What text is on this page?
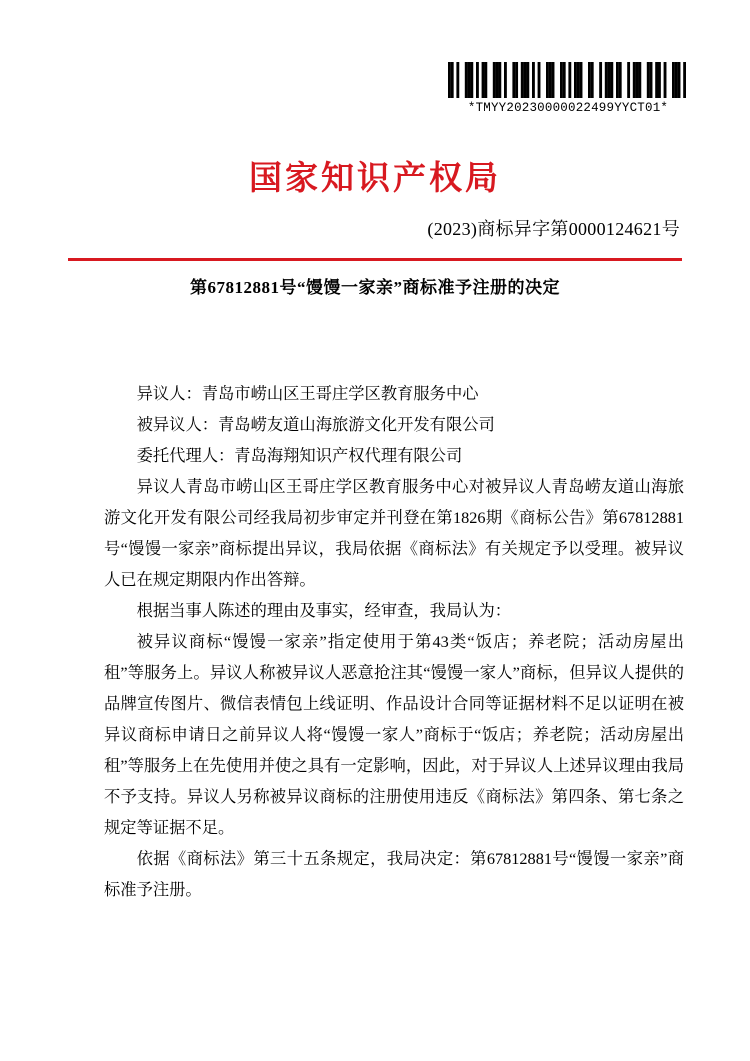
*TMYY20230000022499YYCT01*
国家知识产权局
(2023)商标异字第0000124621号
第67812881号“馒馒一家亲”商标准予注册的决定

异议人：青岛市崂山区王哥庄学区教育服务中心

被异议人：青岛崂友道山海旅游文化开发有限公司

委托代理人：青岛海翔知识产权代理有限公司

异议人青岛市崂山区王哥庄学区教育服务中心对被异议人青岛崂友道山海旅游文化开发有限公司经我局初步审定并刊登在第1826期《商标公告》第67812881号“馒馒一家亲”商标提出异议，我局依据《商标法》有关规定予以受理。被异议人已在规定期限内作出答辩。

根据当事人陈述的理由及事实，经审查，我局认为：

被异议商标“馒馒一家亲”指定使用于第43类“饭店；养老院；活动房屋出租”等服务上。异议人称被异议人恶意抢注其“馒馒一家人”商标，但异议人提供的品牌宣传图片、微信表情包上线证明、作品设计合同等证据材料不足以证明在被异议商标申请日之前异议人将“馒馒一家人”商标于“饭店；养老院；活动房屋出租”等服务上在先使用并使之具有一定影响，因此，对于异议人上述异议理由我局不予支持。异议人另称被异议商标的注册使用违反《商标法》第四条、第七条之规定等证据不足。

依据《商标法》第三十五条规定，我局决定：第67812881号“馒馒一家亲”商标准予注册。
